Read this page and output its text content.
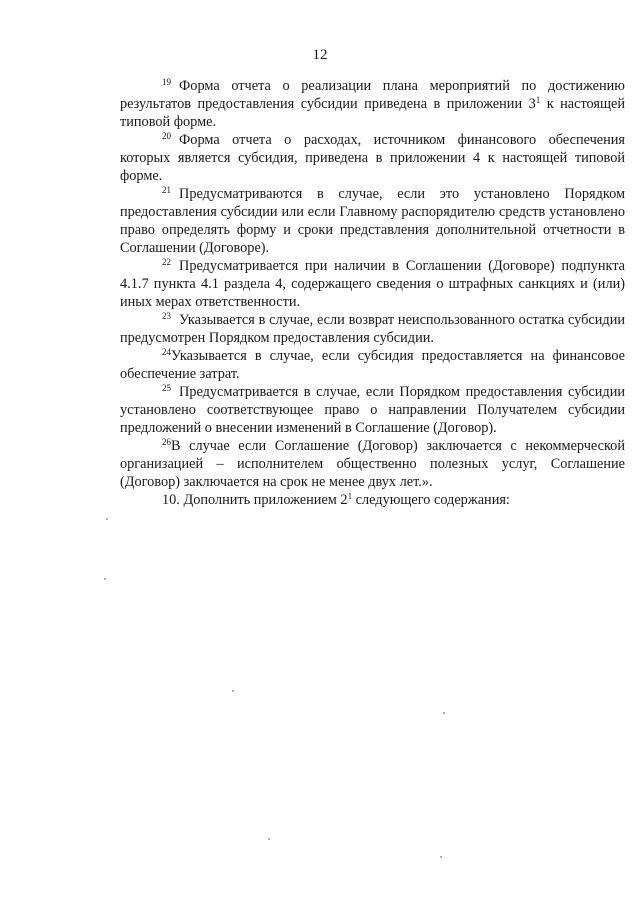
12

$^{19}$ Форма отчета о реализации плана мероприятий по достижению результатов предоставления субсидии приведена в приложении $3^1$ к настоящей типовой форме.

$^{20}$ Форма отчета о расходах, источником финансового обеспечения которых является субсидия, приведена в приложении 4 к настоящей типовой форме.

$^{21}$ Предусматриваются в случае, если это установлено Порядком предоставления субсидии или если Главному распорядителю средств установлено право определять форму и сроки представления дополнительной отчетности в Соглашении (Договоре).

$^{22}$ Предусматривается при наличии в Соглашении (Договоре) подпункта 4.1.7 пункта 4.1 раздела 4, содержащего сведения о штрафных санкциях и (или) иных мерах ответственности.

$^{23}$ Указывается в случае, если возврат неиспользованного остатка субсидии предусмотрен Порядком предоставления субсидии.

$^{24}$Указывается в случае, если субсидия предоставляется на финансовое обеспечение затрат.

$^{25}$ Предусматривается в случае, если Порядком предоставления субсидии установлено соответствующее право о направлении Получателем субсидии предложений о внесении изменений в Соглашение (Договор).

$^{26}$В случае если Соглашение (Договор) заключается с некоммерческой организацией – исполнителем общественно полезных услуг, Соглашение (Договор) заключается на срок не менее двух лет.».

10. Дополнить приложением $2^1$ следующего содержания:
